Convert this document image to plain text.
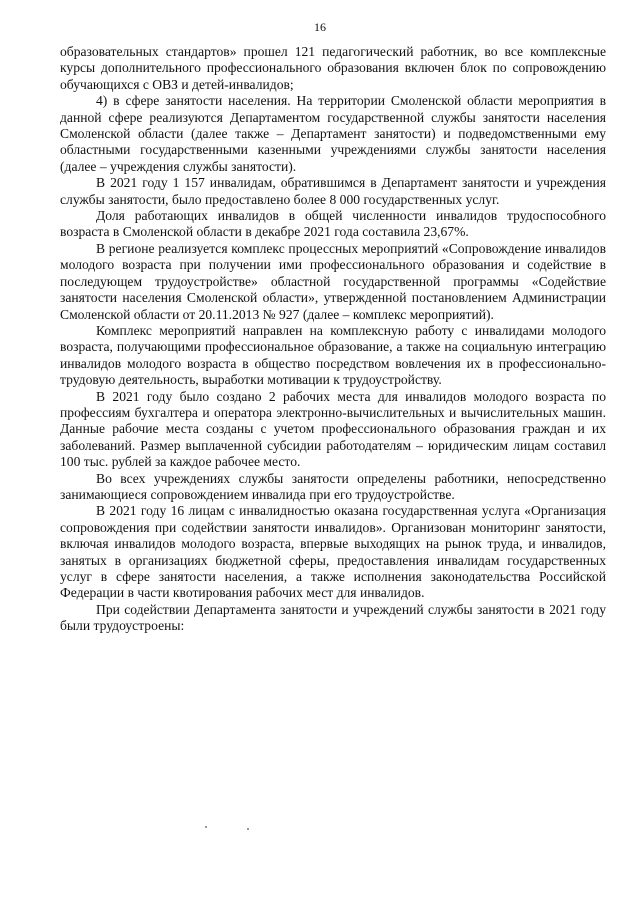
16

образовательных стандартов» прошел 121 педагогический работник, во все комплексные курсы дополнительного профессионального образования включен блок по сопровождению обучающихся с ОВЗ и детей-инвалидов;

4) в сфере занятости населения. На территории Смоленской области мероприятия в данной сфере реализуются Департаментом государственной службы занятости населения Смоленской области (далее также – Департамент занятости) и подведомственными ему областными государственными казенными учреждениями службы занятости населения (далее – учреждения службы занятости).

В 2021 году 1 157 инвалидам, обратившимся в Департамент занятости и учреждения службы занятости, было предоставлено более 8 000 государственных услуг.

Доля работающих инвалидов в общей численности инвалидов трудоспособного возраста в Смоленской области в декабре 2021 года составила 23,67%.

В регионе реализуется комплекс процессных мероприятий «Сопровождение инвалидов молодого возраста при получении ими профессионального образования и содействие в последующем трудоустройстве» областной государственной программы «Содействие занятости населения Смоленской области», утвержденной постановлением Администрации Смоленской области от 20.11.2013 № 927 (далее – комплекс мероприятий).

Комплекс мероприятий направлен на комплексную работу с инвалидами молодого возраста, получающими профессиональное образование, а также на социальную интеграцию инвалидов молодого возраста в общество посредством вовлечения их в профессионально-трудовую деятельность, выработки мотивации к трудоустройству.

В 2021 году было создано 2 рабочих места для инвалидов молодого возраста по профессиям бухгалтера и оператора электронно-вычислительных и вычислительных машин. Данные рабочие места созданы с учетом профессионального образования граждан и их заболеваний. Размер выплаченной субсидии работодателям – юридическим лицам составил 100 тыс. рублей за каждое рабочее место.

Во всех учреждениях службы занятости определены работники, непосредственно занимающиеся сопровождением инвалида при его трудоустройстве.

В 2021 году 16 лицам с инвалидностью оказана государственная услуга «Организация сопровождения при содействии занятости инвалидов». Организован мониторинг занятости, включая инвалидов молодого возраста, впервые выходящих на рынок труда, и инвалидов, занятых в организациях бюджетной сферы, предоставления инвалидам государственных услуг в сфере занятости населения, а также исполнения законодательства Российской Федерации в части квотирования рабочих мест для инвалидов.

При содействии Департамента занятости и учреждений службы занятости в 2021 году были трудоустроены:
